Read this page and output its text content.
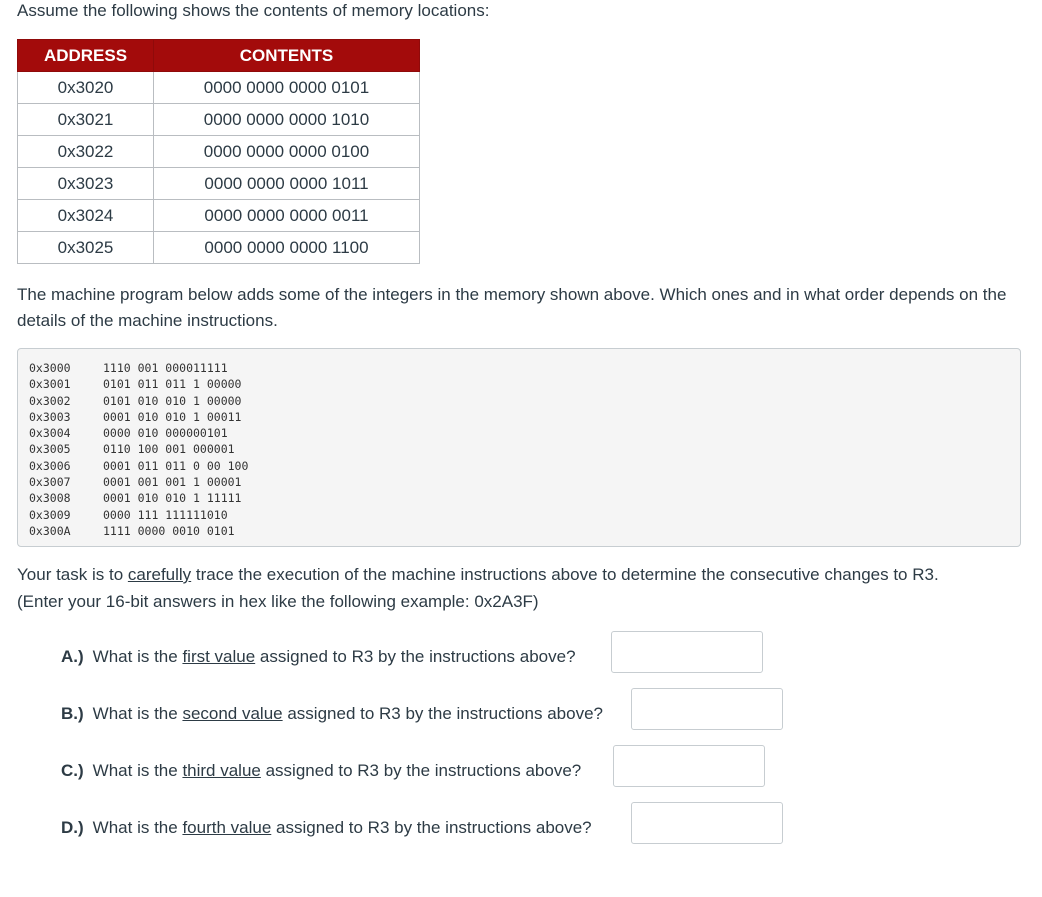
Assume the following shows the contents of memory locations:

ADDRESS	CONTENTS
0x3020	0000 0000 0000 0101
0x3021	0000 0000 0000 1010
0x3022	0000 0000 0000 0100
0x3023	0000 0000 0000 1011
0x3024	0000 0000 0000 0011
0x3025	0000 0000 0000 1100

The machine program below adds some of the integers in the memory shown above. Which ones and in what order depends on the details of the machine instructions.

0x3000	1110 001 000011111
0x3001	0101 011 011 1 00000
0x3002	0101 010 010 1 00000
0x3003	0001 010 010 1 00011
0x3004	0000 010 000000101
0x3005	0110 100 001 000001
0x3006	0001 011 011 0 00 100
0x3007	0001 001 001 1 00001
0x3008	0001 010 010 1 11111
0x3009	0000 111 111111010
0x300A	1111 0000 0010 0101

Your task is to carefully trace the execution of the machine instructions above to determine the consecutive changes to R3.

(Enter your 16-bit answers in hex like the following example: 0x2A3F)

A.) What is the first value assigned to R3 by the instructions above?
B.) What is the second value assigned to R3 by the instructions above?
C.) What is the third value assigned to R3 by the instructions above?
D.) What is the fourth value assigned to R3 by the instructions above?
